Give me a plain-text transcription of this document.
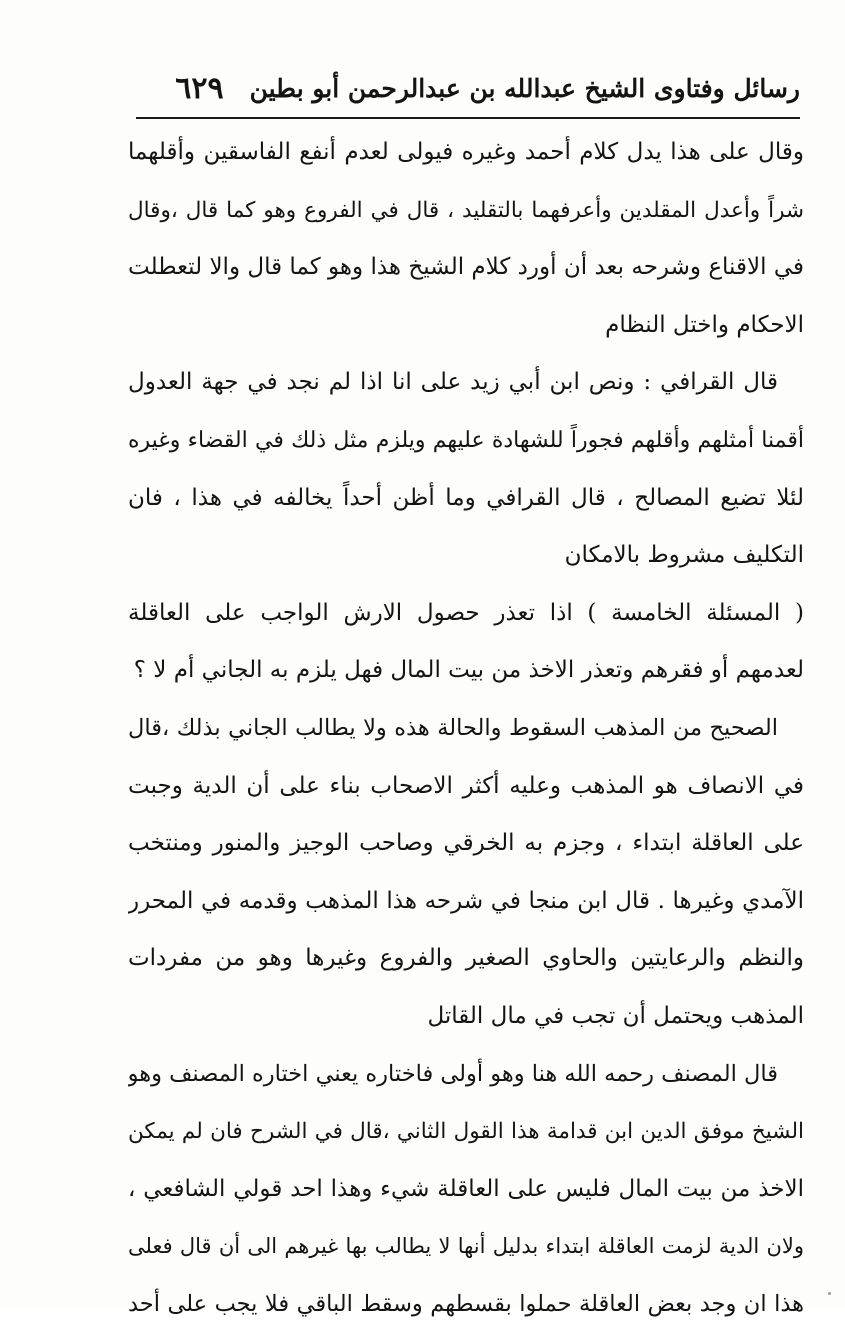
رسائل وفتاوى الشيخ عبدالله بن عبدالرحمن أبو بطين
٦٢٩
وقال على هذا يدل كلام أحمد وغيره فيولى لعدم أنفع الفاسقين وأقلهما
شراً وأعدل المقلدين وأعرفهما بالتقليد ، قال في الفروع وهو كما قال ،وقال
في الاقناع وشرحه بعد أن أورد كلام الشيخ هذا وهو كما قال والا لتعطلت
الاحكام واختل النظام
قال القرافي : ونص ابن أبي زيد على انا اذا لم نجد في جهة العدول
أقمنا أمثلهم وأقلهم فجوراً للشهادة عليهم ويلزم مثل ذلك في القضاء وغيره
لئلا تضيع المصالح ، قال القرافي وما أظن أحداً يخالفه في هذا ، فان
التكليف مشروط بالامكان
( المسئلة الخامسة ) اذا تعذر حصول الارش الواجب على العاقلة
لعدمهم أو فقرهم وتعذر الاخذ من بيت المال فهل يلزم به الجاني أم لا ؟
الصحيح من المذهب السقوط والحالة هذه ولا يطالب الجاني بذلك ،قال
في الانصاف هو المذهب وعليه أكثر الاصحاب بناء على أن الدية وجبت
على العاقلة ابتداء ، وجزم به الخرقي وصاحب الوجيز والمنور ومنتخب
الآمدي وغيرها . قال ابن منجا في شرحه هذا المذهب وقدمه في المحرر
والنظم والرعايتين والحاوي الصغير والفروع وغيرها وهو من مفردات
المذهب ويحتمل أن تجب في مال القاتل
قال المصنف رحمه الله هنا وهو أولى فاختاره يعني اختاره المصنف وهو
الشيخ موفق الدين ابن قدامة هذا القول الثاني ،قال في الشرح فان لم يمكن
الاخذ من بيت المال فليس على العاقلة شيء وهذا احد قولي الشافعي ،
ولان الدية لزمت العاقلة ابتداء بدليل أنها لا يطالب بها غيرهم الى أن قال فعلى
هذا ان وجد بعض العاقلة حملوا بقسطهم وسقط الباقي فلا يجب على أحد
